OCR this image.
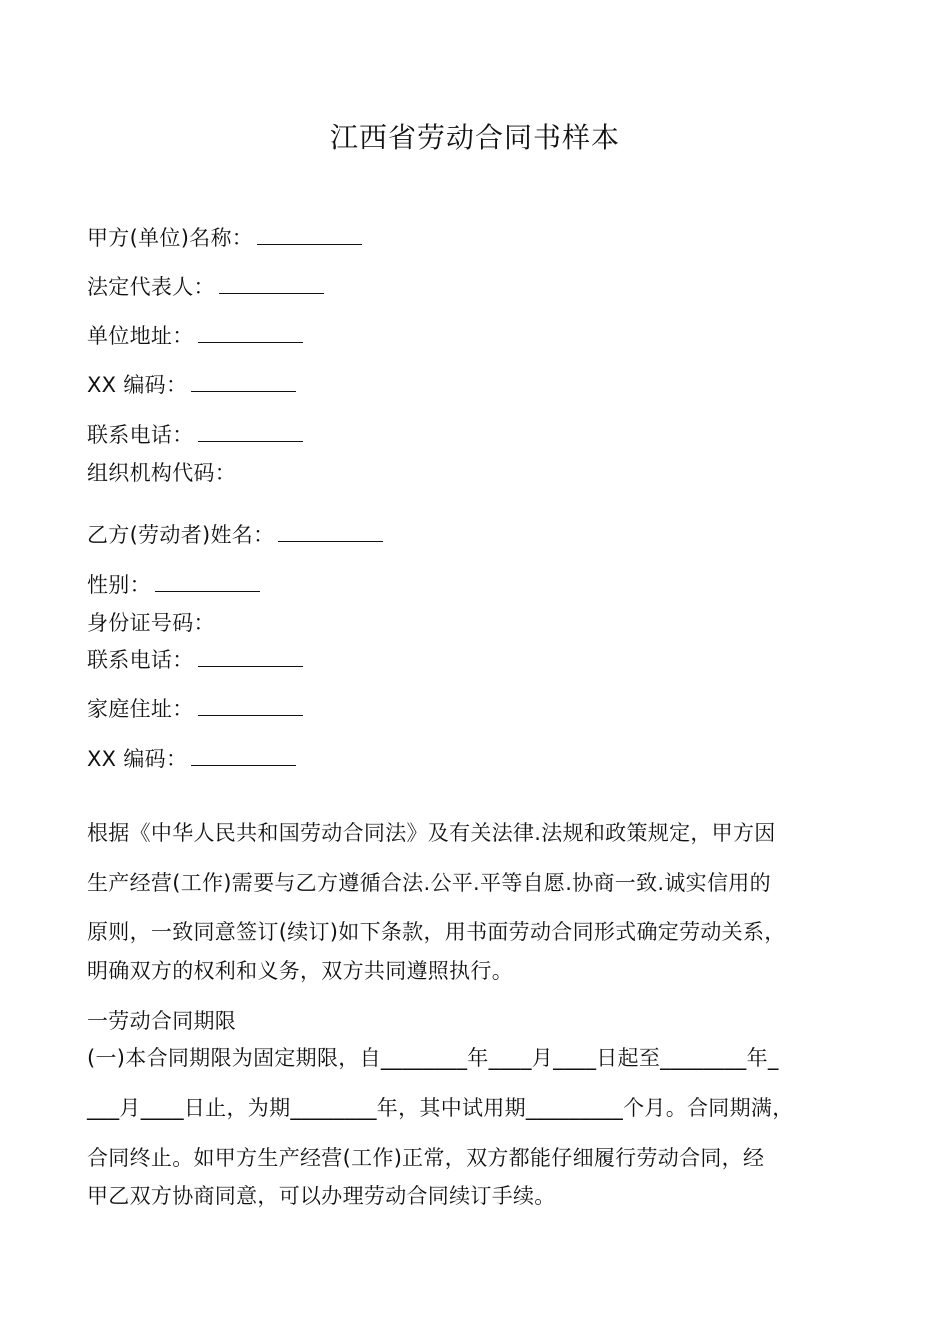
江西省劳动合同书样本
甲方(单位)名称：
法定代表人：
单位地址：
XX 编码：
联系电话：
组织机构代码：
乙方(劳动者)姓名：
性别：
身份证号码：
联系电话：
家庭住址：
XX 编码：
根据《中华人民共和国劳动合同法》及有关法律.法规和政策规定，甲方因
生产经营(工作)需要与乙方遵循合法.公平.平等自愿.协商一致.诚实信用的
原则，一致同意签订(续订)如下条款，用书面劳动合同形式确定劳动关系，
明确双方的权利和义务，双方共同遵照执行。
一劳动合同期限
(一)本合同期限为固定期限，自________年____月____日起至________年_
___月____日止，为期________年，其中试用期_________个月。合同期满，
合同终止。如甲方生产经营(工作)正常，双方都能仔细履行劳动合同，经
甲乙双方协商同意，可以办理劳动合同续订手续。
